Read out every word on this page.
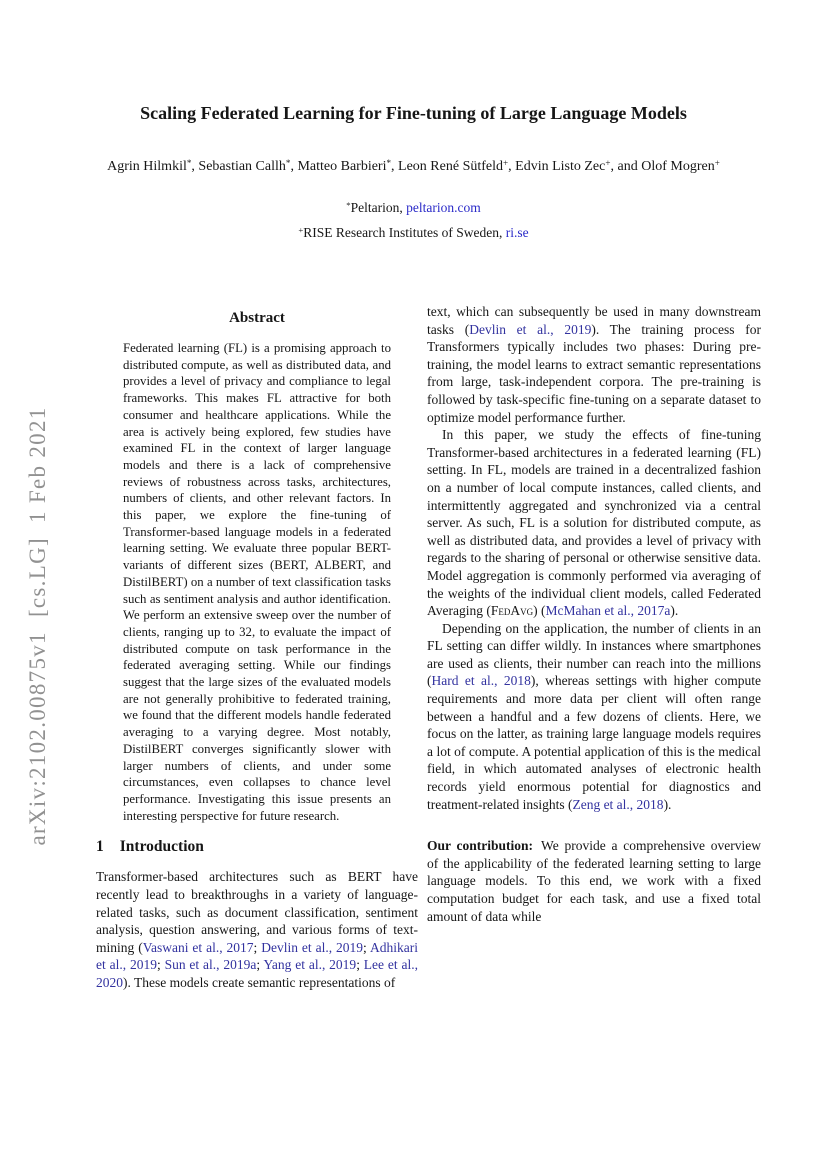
arXiv:2102.00875v1  [cs.LG]  1 Feb 2021
Scaling Federated Learning for Fine-tuning of Large Language Models
Agrin Hilmkil*, Sebastian Callh*, Matteo Barbieri*, Leon René Sütfeld+, Edvin Listo Zec+, and Olof Mogren+
*Peltarion, peltarion.com
+RISE Research Institutes of Sweden, ri.se
Abstract
Federated learning (FL) is a promising approach to distributed compute, as well as distributed data, and provides a level of privacy and compliance to legal frameworks. This makes FL attractive for both consumer and healthcare applications. While the area is actively being explored, few studies have examined FL in the context of larger language models and there is a lack of comprehensive reviews of robustness across tasks, architectures, numbers of clients, and other relevant factors. In this paper, we explore the fine-tuning of Transformer-based language models in a federated learning setting. We evaluate three popular BERT-variants of different sizes (BERT, ALBERT, and DistilBERT) on a number of text classification tasks such as sentiment analysis and author identification. We perform an extensive sweep over the number of clients, ranging up to 32, to evaluate the impact of distributed compute on task performance in the federated averaging setting. While our findings suggest that the large sizes of the evaluated models are not generally prohibitive to federated training, we found that the different models handle federated averaging to a varying degree. Most notably, DistilBERT converges significantly slower with larger numbers of clients, and under some circumstances, even collapses to chance level performance. Investigating this issue presents an interesting perspective for future research.
1 Introduction

Transformer-based architectures such as BERT have recently lead to breakthroughs in a variety of language-related tasks, such as document classification, sentiment analysis, question answering, and various forms of text-mining (Vaswani et al., 2017; Devlin et al., 2019; Adhikari et al., 2019; Sun et al., 2019a; Yang et al., 2019; Lee et al., 2020). These models create semantic representations of

text, which can subsequently be used in many downstream tasks (Devlin et al., 2019). The training process for Transformers typically includes two phases: During pre-training, the model learns to extract semantic representations from large, task-independent corpora. The pre-training is followed by task-specific fine-tuning on a separate dataset to optimize model performance further.

In this paper, we study the effects of fine-tuning Transformer-based architectures in a federated learning (FL) setting. In FL, models are trained in a decentralized fashion on a number of local compute instances, called clients, and intermittently aggregated and synchronized via a central server. As such, FL is a solution for distributed compute, as well as distributed data, and provides a level of privacy with regards to the sharing of personal or otherwise sensitive data. Model aggregation is commonly performed via averaging of the weights of the individual client models, called Federated Averaging (FedAvg) (McMahan et al., 2017a).

Depending on the application, the number of clients in an FL setting can differ wildly. In instances where smartphones are used as clients, their number can reach into the millions (Hard et al., 2018), whereas settings with higher compute requirements and more data per client will often range between a handful and a few dozens of clients. Here, we focus on the latter, as training large language models requires a lot of compute. A potential application of this is the medical field, in which automated analyses of electronic health records yield enormous potential for diagnostics and treatment-related insights (Zeng et al., 2018).

Our contribution: We provide a comprehensive overview of the applicability of the federated learning setting to large language models. To this end, we work with a fixed computation budget for each task, and use a fixed total amount of data while
